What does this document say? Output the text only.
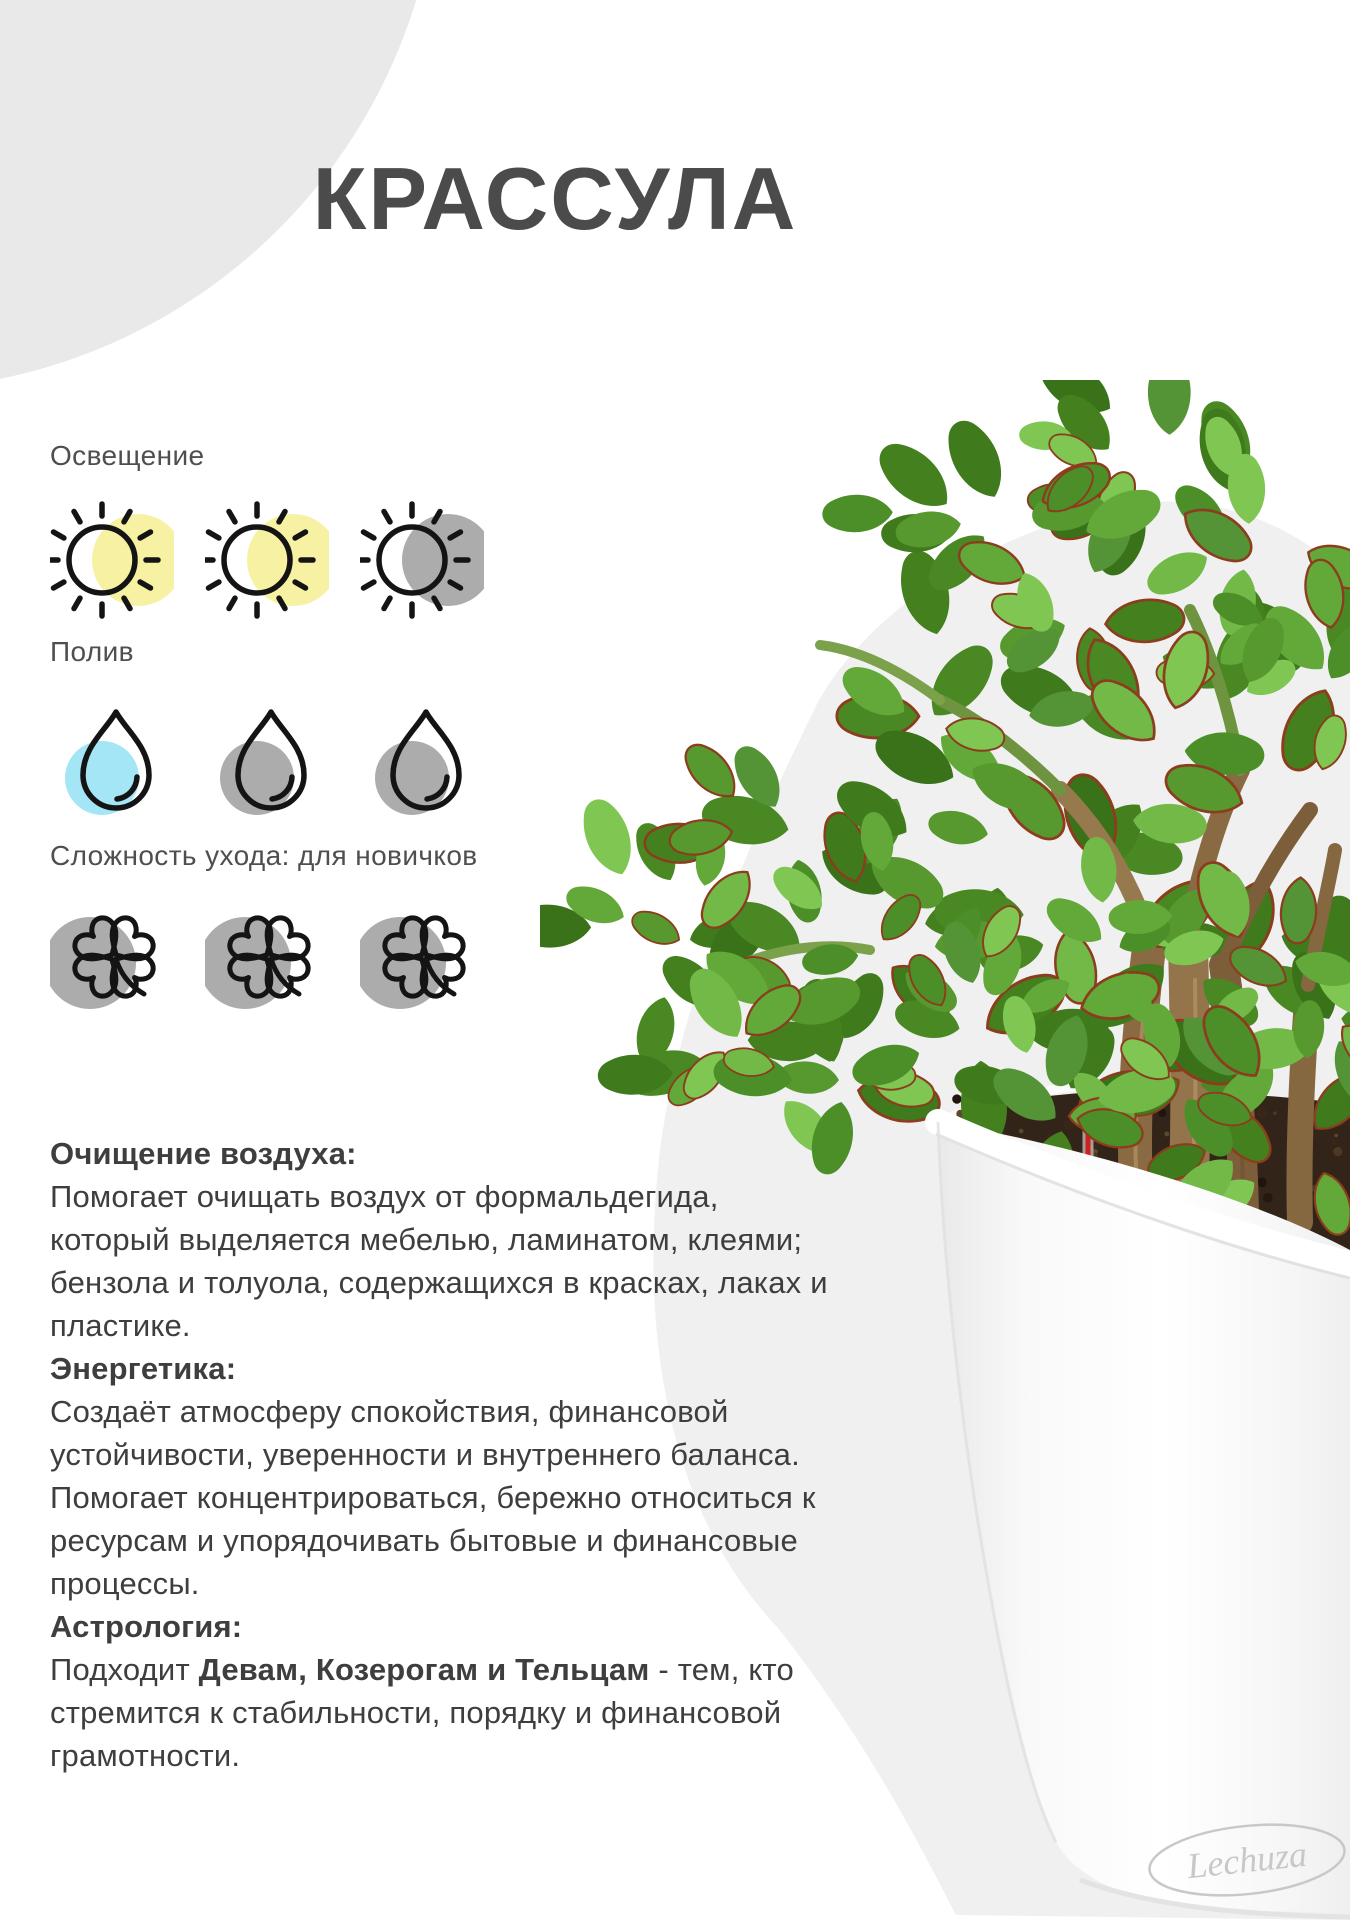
КРАССУЛА
Освещение
Полив
Сложность ухода: для новичков
Очищение воздуха:
Помогает очищать воздух от формальдегида, который выделяется мебелью, ламинатом, клеями; бензола и толуола, содержащихся в красках, лаках и пластике.
Энергетика:
Создаёт атмосферу спокойствия, финансовой устойчивости, уверенности и внутреннего баланса. Помогает концентрироваться, бережно относиться к ресурсам и упорядочивать бытовые и финансовые процессы.
Астрология:
Подходит Девам, Козерогам и Тельцам - тем, кто стремится к стабильности, порядку и финансовой грамотности.
Lechuza
